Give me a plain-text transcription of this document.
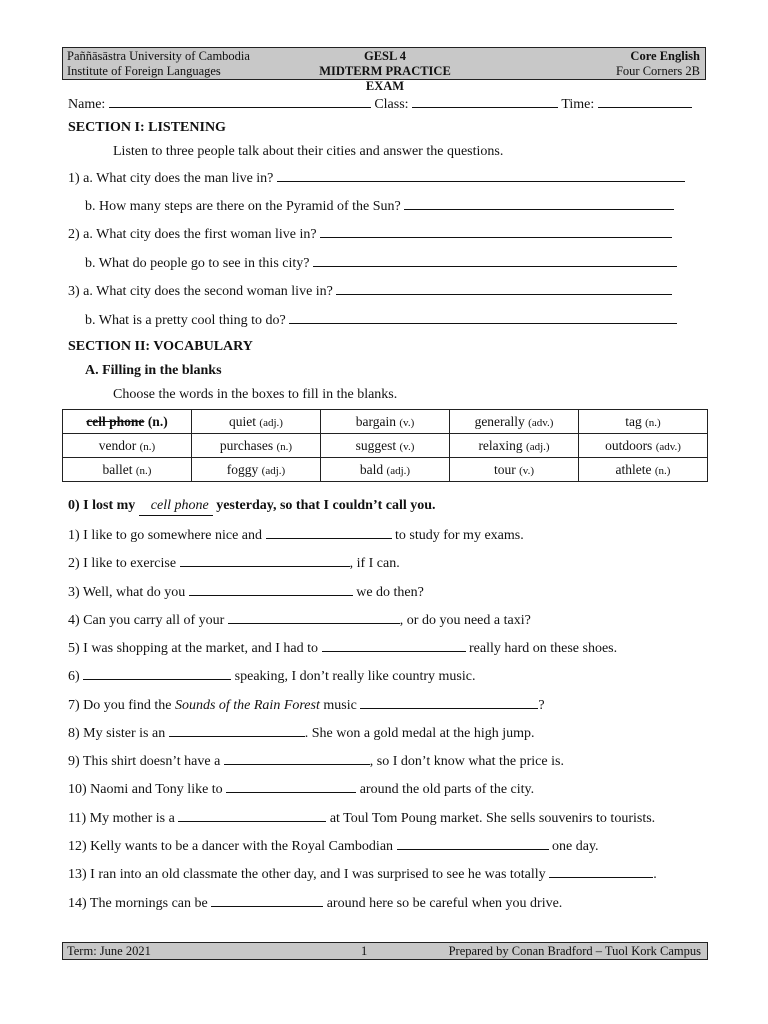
Paññāsāstra University of Cambodia
Institute of Foreign Languages
GESL 4
MIDTERM PRACTICE EXAM
Core English
Four Corners 2B
Name:	Class:	Time:
SECTION I: LISTENING
Listen to three people talk about their cities and answer the questions.
1) a. What city does the man live in?
b. How many steps are there on the Pyramid of the Sun?
2) a. What city does the first woman live in?
b. What do people go to see in this city?
3) a. What city does the second woman live in?
b. What is a pretty cool thing to do?
SECTION II: VOCABULARY
A. Filling in the blanks
Choose the words in the boxes to fill in the blanks.
cell phone (n.)	quiet (adj.)	bargain (v.)	generally (adv.)	tag (n.)
vendor (n.)	purchases (n.)	suggest (v.)	relaxing (adj.)	outdoors (adv.)
ballet (n.)	foggy (adj.)	bald (adj.)	tour (v.)	athlete (n.)
0) I lost my cell phone yesterday, so that I couldn’t call you.
1) I like to go somewhere nice and	to study for my exams.
2) I like to exercise	, if I can.
3) Well, what do you	we do then?
4) Can you carry all of your	, or do you need a taxi?
5) I was shopping at the market, and I had to	really hard on these shoes.
6)	speaking, I don’t really like country music.
7) Do you find the Sounds of the Rain Forest music	?
8) My sister is an	. She won a gold medal at the high jump.
9) This shirt doesn’t have a	, so I don’t know what the price is.
10) Naomi and Tony like to	around the old parts of the city.
11) My mother is a	at Toul Tom Poung market. She sells souvenirs to tourists.
12) Kelly wants to be a dancer with the Royal Cambodian	one day.
13) I ran into an old classmate the other day, and I was surprised to see he was totally	.
14) The mornings can be	around here so be careful when you drive.
Term: June 2021	1	Prepared by Conan Bradford – Tuol Kork Campus
